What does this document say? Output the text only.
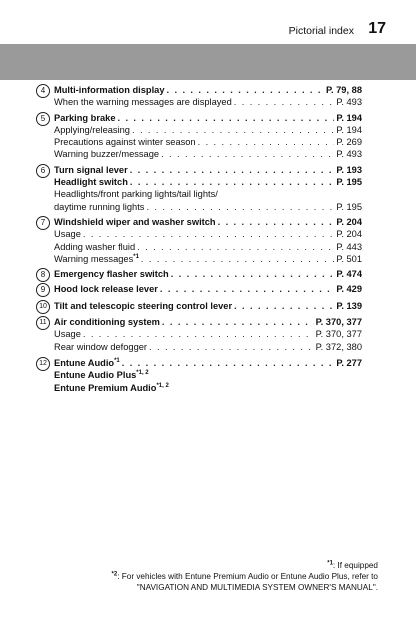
Pictorial index 17
4 Multi-information display . . .	P. 79, 88
When the warning messages are displayed . . .	P. 493
5 Parking brake . . .	P. 194
Applying/releasing . . .	P. 194
Precautions against winter season . . .	P. 269
Warning buzzer/message . . .	P. 493
6 Turn signal lever . . .	P. 193
Headlight switch . . .	P. 195
Headlights/front parking lights/tail lights/
daytime running lights . . .	P. 195
7 Windshield wiper and washer switch . . .	P. 204
Usage . . .	P. 204
Adding washer fluid . . .	P. 443
Warning messages$^{*1}$ . . .	P. 501
8 Emergency flasher switch . . .	P. 474
9 Hood lock release lever . . .	P. 429
10 Tilt and telescopic steering control lever . . .	P. 139
11 Air conditioning system . . .	P. 370, 377
Usage . . .	P. 370, 377
Rear window defogger . . .	P. 372, 380
12 Entune Audio$^{*1}$ . . .	P. 277
Entune Audio Plus$^{*1, 2}$
Entune Premium Audio$^{*1, 2}$
$^{*1}$: If equipped
$^{*2}$: For vehicles with Entune Premium Audio or Entune Audio Plus, refer to
"NAVIGATION AND MULTIMEDIA SYSTEM OWNER'S MANUAL".
